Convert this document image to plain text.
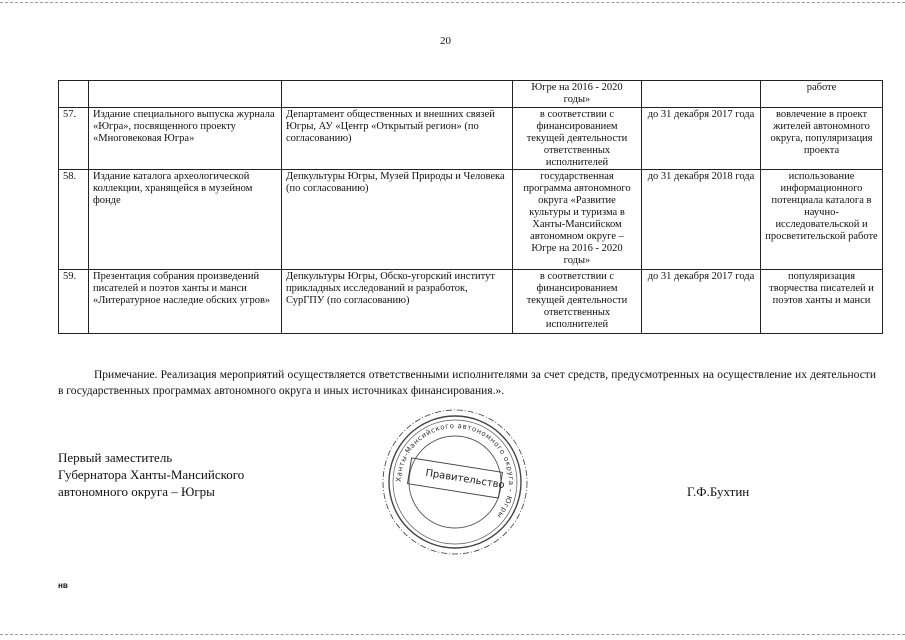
20
			Югре на 2016 - 2020 годы»		работе
57.	Издание специального выпуска журнала «Югра», посвященного проекту «Многовековая Югра»	Департамент общественных и внешних связей Югры, АУ «Центр «Открытый регион» (по согласованию)	в соответствии с финансированием текущей деятельности ответственных исполнителей	до 31 декабря 2017 года	вовлечение в проект жителей автономного округа, популяризация проекта
58.	Издание каталога археологической коллекции, хранящейся в музейном фонде	Депкультуры Югры, Музей Природы и Человека (по согласованию)	государственная программа автономного округа «Развитие культуры и туризма в Ханты-Мансийском автономном округе – Югре на 2016 - 2020 годы»	до 31 декабря 2018 года	использование информационного потенциала каталога в научно-исследовательской и просветительской работе
59.	Презентация собрания произведений писателей и поэтов ханты и манси «Литературное наследие обских угров»	Депкультуры Югры, Обско-угорский институт прикладных исследований и разработок, СурГПУ (по согласованию)	в соответствии с финансированием текущей деятельности ответственных исполнителей	до 31 декабря 2017 года	популяризация творчества писателей и поэтов ханты и манси
Примечание. Реализация мероприятий осуществляется ответственными исполнителями за счет средств, предусмотренных на осуществление их деятельности в государственных программах автономного округа и иных источниках финансирования.».
Первый заместитель
Губернатора Ханты-Мансийского
автономного округа – Югры
Ханты-Мансийского автономного округа – Югры
Правительство
Г.Ф.Бухтин
нв
